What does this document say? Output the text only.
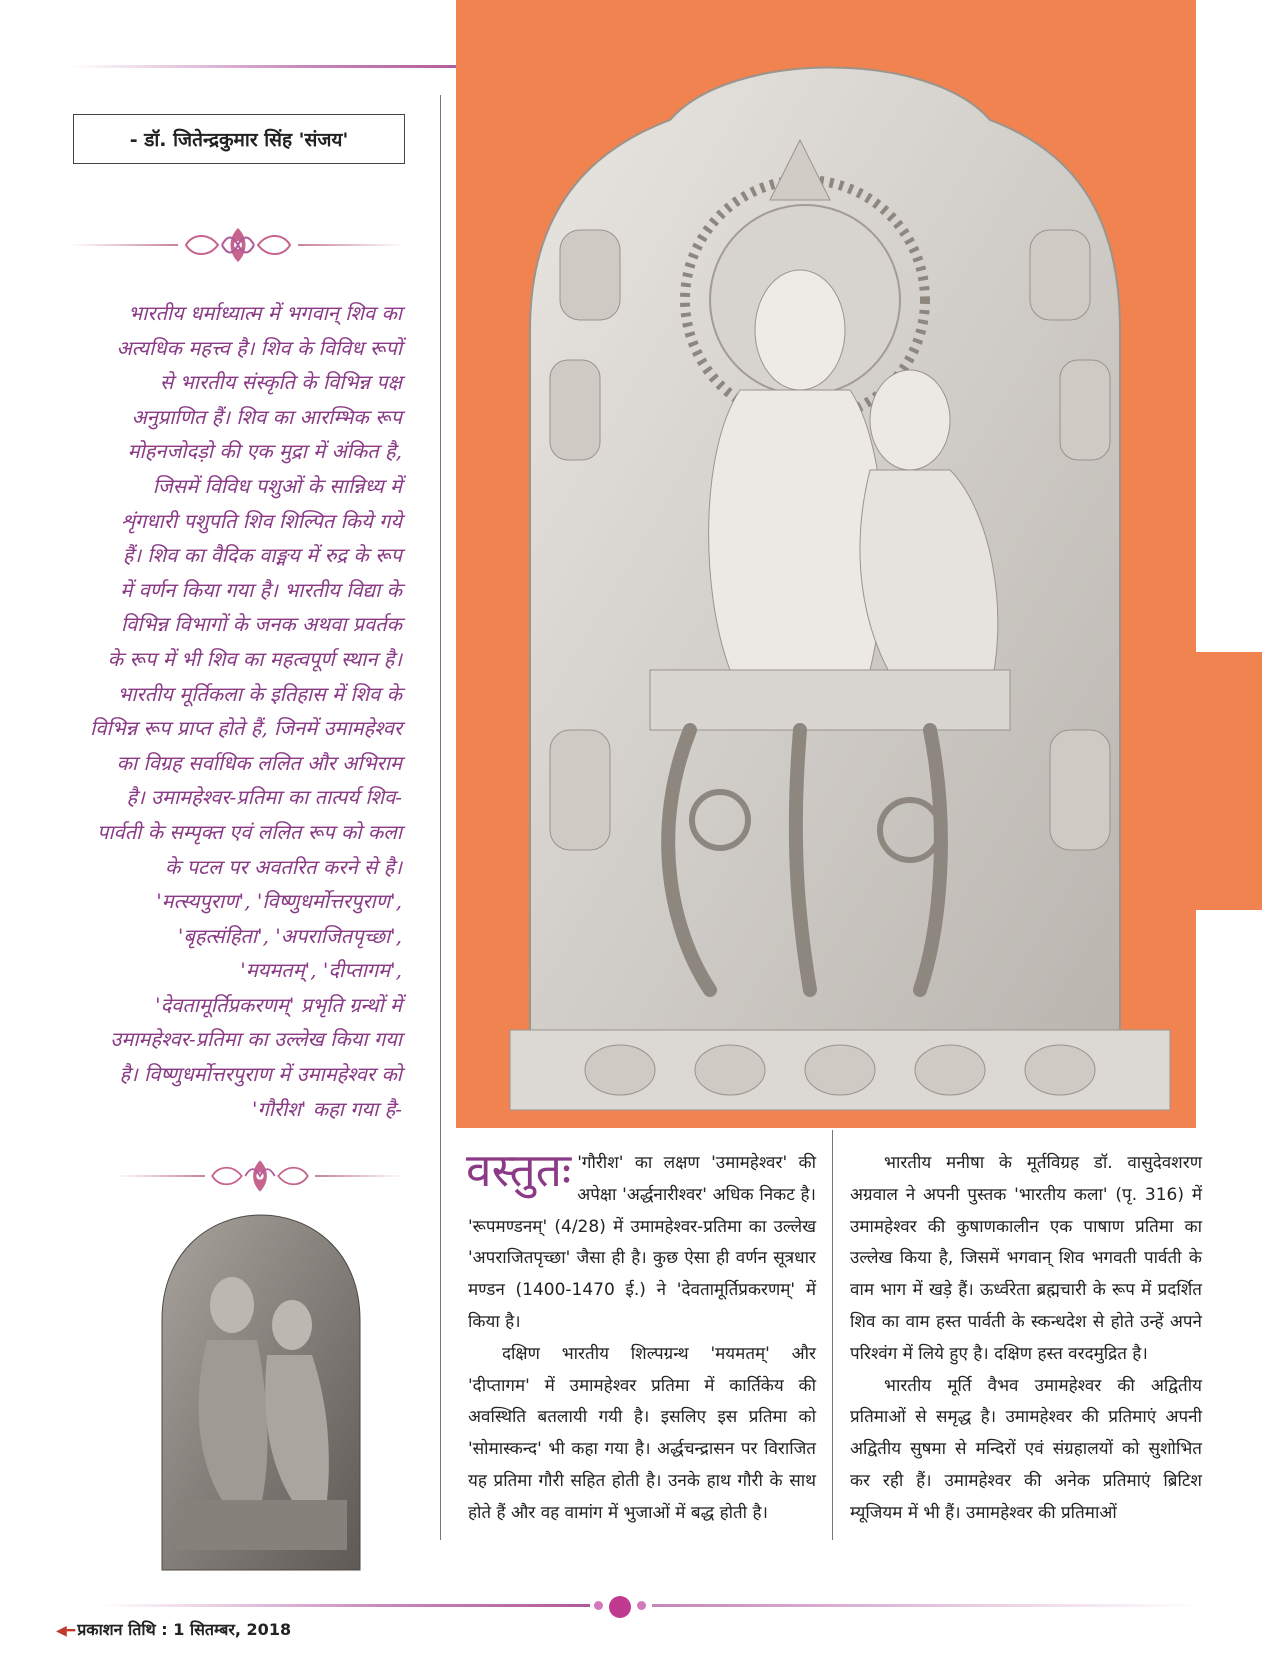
- डॉ. जितेन्द्रकुमार सिंह 'संजय'
भारतीय धर्माध्यात्म में भगवान् शिव का
अत्यधिक महत्त्व है। शिव के विविध रूपों
से भारतीय संस्कृति के विभिन्न पक्ष
अनुप्राणित हैं। शिव का आरम्भिक रूप
मोहनजोदड़ो की एक मुद्रा में अंकित है,
जिसमें विविध पशुओं के सान्निध्य में
शृंगधारी पशुपति शिव शिल्पित किये गये
हैं। शिव का वैदिक वाङ्मय में रुद्र के रूप
में वर्णन किया गया है। भारतीय विद्या के
विभिन्न विभागों के जनक अथवा प्रवर्तक
के रूप में भी शिव का महत्वपूर्ण स्थान है।
भारतीय मूर्तिकला के इतिहास में शिव के
विभिन्न रूप प्राप्त होते हैं, जिनमें उमामहेश्वर
का विग्रह सर्वाधिक ललित और अभिराम
है। उमामहेश्वर-प्रतिमा का तात्पर्य शिव-
पार्वती के सम्पृक्त एवं ललित रूप को कला
के पटल पर अवतरित करने से है।
'मत्स्यपुराण', 'विष्णुधर्मोत्तरपुराण',
'बृहत्संहिता', 'अपराजितपृच्छा',
'मयमतम्', 'दीप्तागम',
'देवतामूर्तिप्रकरणम्' प्रभृति ग्रन्थों में
उमामहेश्वर-प्रतिमा का उल्लेख किया गया
है। विष्णुधर्मोत्तरपुराण में उमामहेश्वर को
'गौरीश' कहा गया है-

वस्तुतः 'गौरीश' का लक्षण 'उमामहेश्वर' की अपेक्षा 'अर्द्धनारीश्वर' अधिक निकट है। 'रूपमण्डनम्' (4/28) में उमामहेश्वर-प्रतिमा का उल्लेख 'अपराजितपृच्छा' जैसा ही है। कुछ ऐसा ही वर्णन सूत्रधार मण्डन (1400-1470 ई.) ने 'देवतामूर्तिप्रकरणम्' में किया है।

दक्षिण भारतीय शिल्पग्रन्थ 'मयमतम्' और 'दीप्तागम' में उमामहेश्वर प्रतिमा में कार्तिकेय की अवस्थिति बतलायी गयी है। इसलिए इस प्रतिमा को 'सोमास्कन्द' भी कहा गया है। अर्द्धचन्द्रासन पर विराजित यह प्रतिमा गौरी सहित होती है। उनके हाथ गौरी के साथ होते हैं और वह वामांग में भुजाओं में बद्ध होती है।

भारतीय मनीषा के मूर्तविग्रह डॉ. वासुदेवशरण अग्रवाल ने अपनी पुस्तक 'भारतीय कला' (पृ. 316) में उमामहेश्वर की कुषाणकालीन एक पाषाण प्रतिमा का उल्लेख किया है, जिसमें भगवान् शिव भगवती पार्वती के वाम भाग में खड़े हैं। ऊर्ध्वरेता ब्रह्मचारी के रूप में प्रदर्शित शिव का वाम हस्त पार्वती के स्कन्धदेश से होते उन्हें अपने परिश्वंग में लिये हुए है। दक्षिण हस्त वरदमुद्रित है।

भारतीय मूर्ति वैभव उमामहेश्वर की अद्वितीय प्रतिमाओं से समृद्ध है। उमामहेश्वर की प्रतिमाएं अपनी अद्वितीय सुषमा से मन्दिरों एवं संग्रहालयों को सुशोभित कर रही हैं। उमामहेश्वर की अनेक प्रतिमाएं ब्रिटिश म्यूजियम में भी हैं। उमामहेश्वर की प्रतिमाओं

◀━ प्रकाशन तिथि : 1 सितम्बर, 2018
